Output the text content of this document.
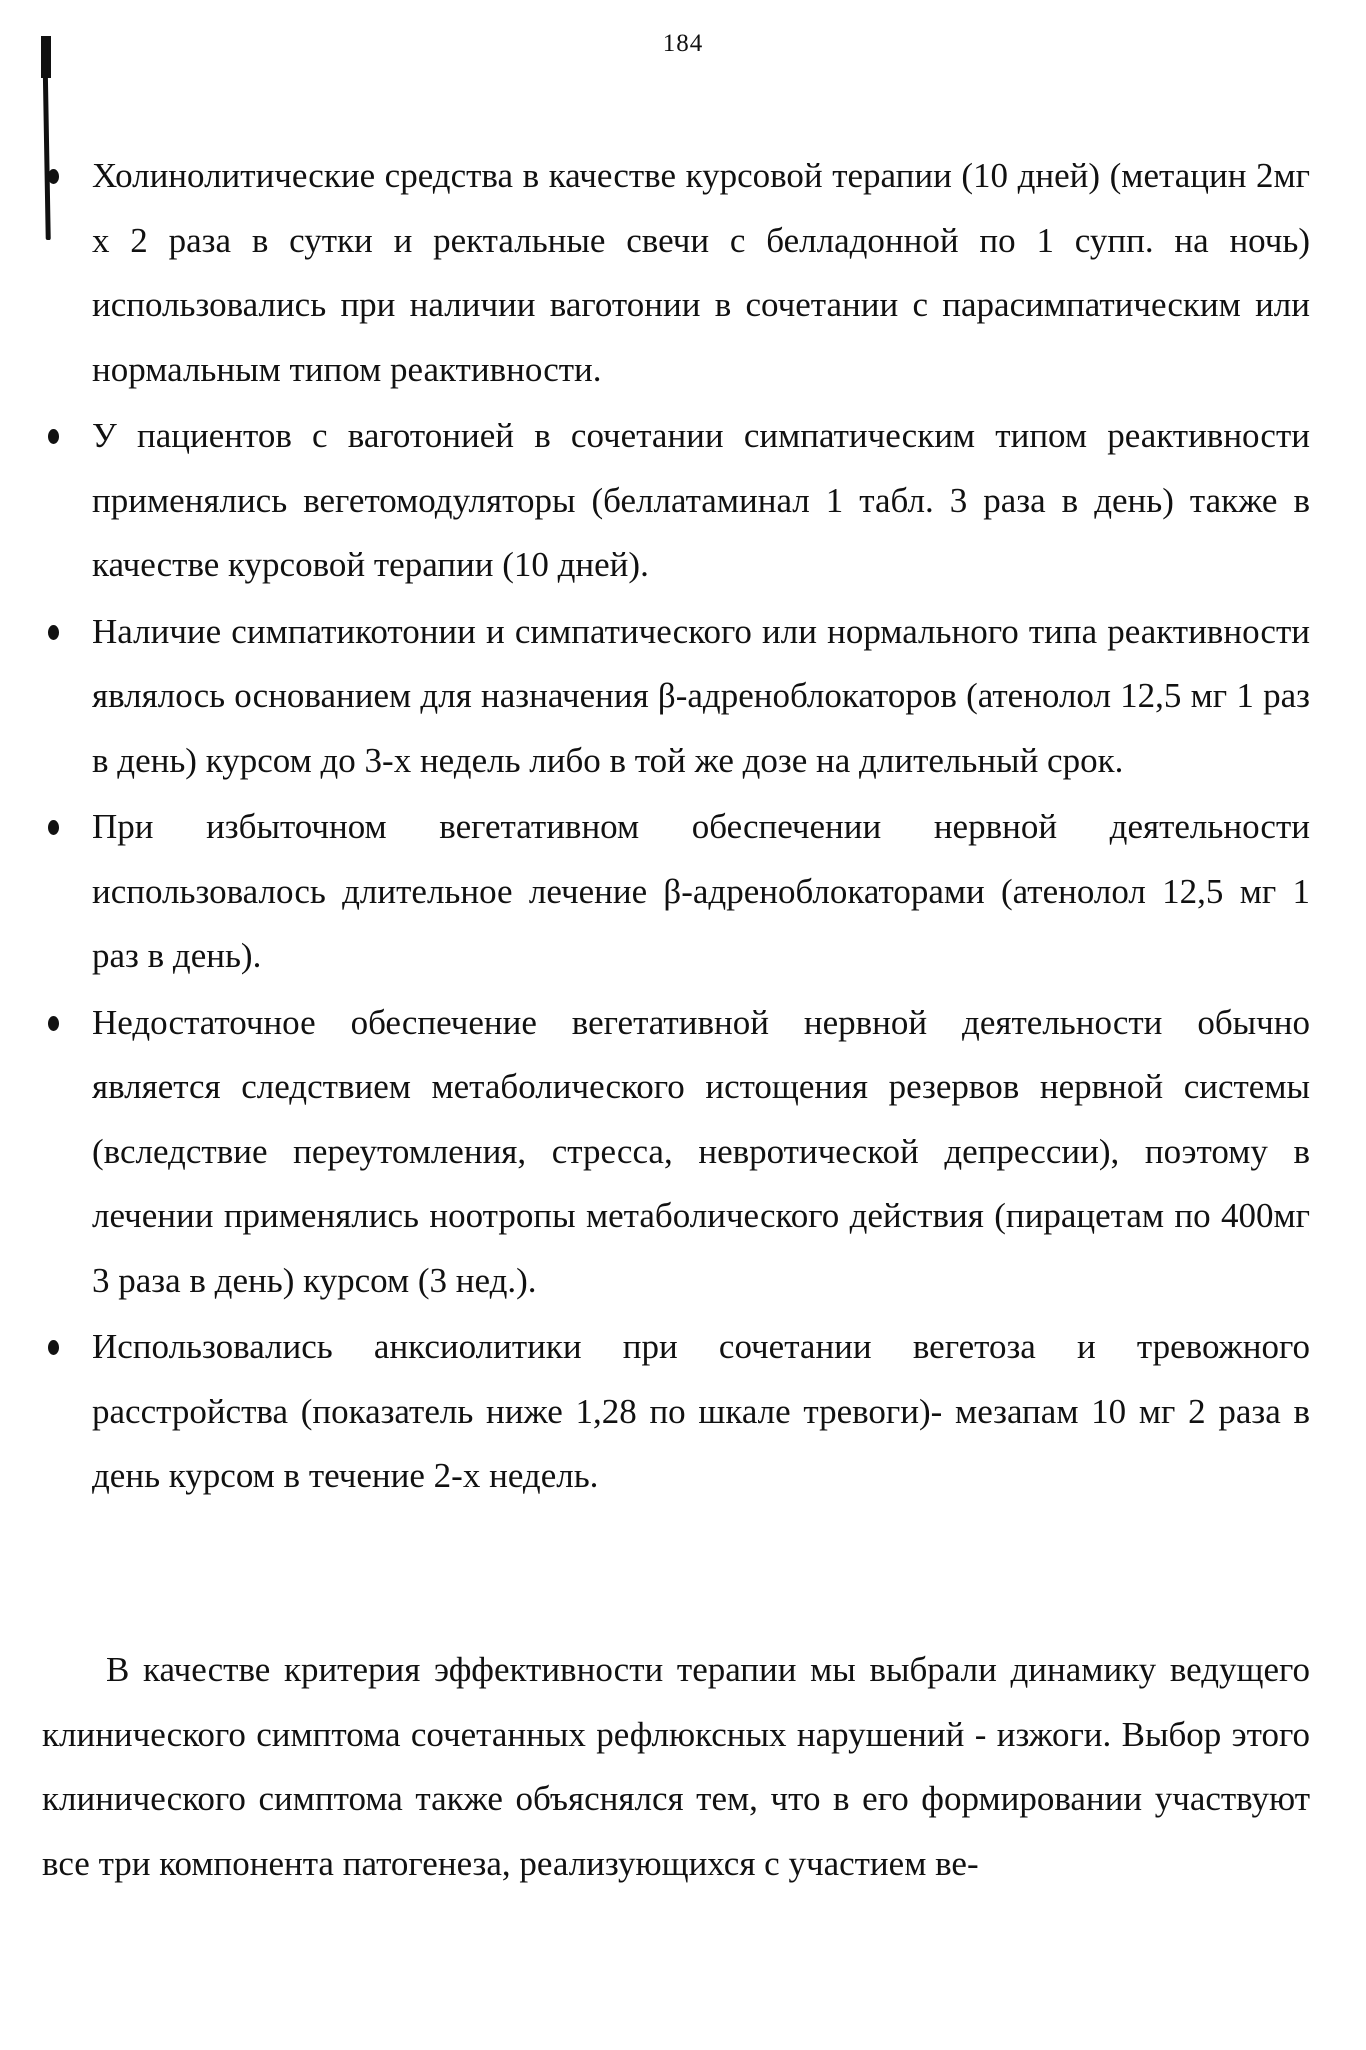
184
Холинолитические средства в качестве курсовой терапии (10 дней) (метацин 2мг х 2 раза в сутки и ректальные свечи с белладонной по 1 супп. на ночь) использовались при наличии ваготонии в сочетании с парасимпатическим или нормальным типом реактивности.
У пациентов с ваготонией в сочетании симпатическим типом реактивности применялись вегетомодуляторы (беллатаминал 1 табл. 3 раза в день) также в качестве курсовой терапии (10 дней).
Наличие симпатикотонии и симпатического или нормального типа реактивности являлось основанием для назначения β-адреноблокаторов (атенолол 12,5 мг 1 раз в день) курсом до 3-х недель либо в той же дозе на длительный срок.
При избыточном вегетативном обеспечении нервной деятельности использовалось длительное лечение β-адреноблокаторами (атенолол 12,5 мг 1 раз в день).
Недостаточное обеспечение вегетативной нервной деятельности обычно является следствием метаболического истощения резервов нервной системы (вследствие переутомления, стресса, невротической депрессии), поэтому в лечении применялись ноотропы метаболического действия (пирацетам по 400мг 3 раза в день) курсом (3 нед.).
Использовались анксиолитики при сочетании вегетоза и тревожного расстройства (показатель ниже 1,28 по шкале тревоги)- мезапам 10 мг 2 раза в день курсом в течение 2-х недель.

В качестве критерия эффективности терапии мы выбрали динамику ведущего клинического симптома сочетанных рефлюксных нарушений - изжоги. Выбор этого клинического симптома также объяснялся тем, что в его формировании участвуют все три компонента патогенеза, реализующихся с участием ве-
